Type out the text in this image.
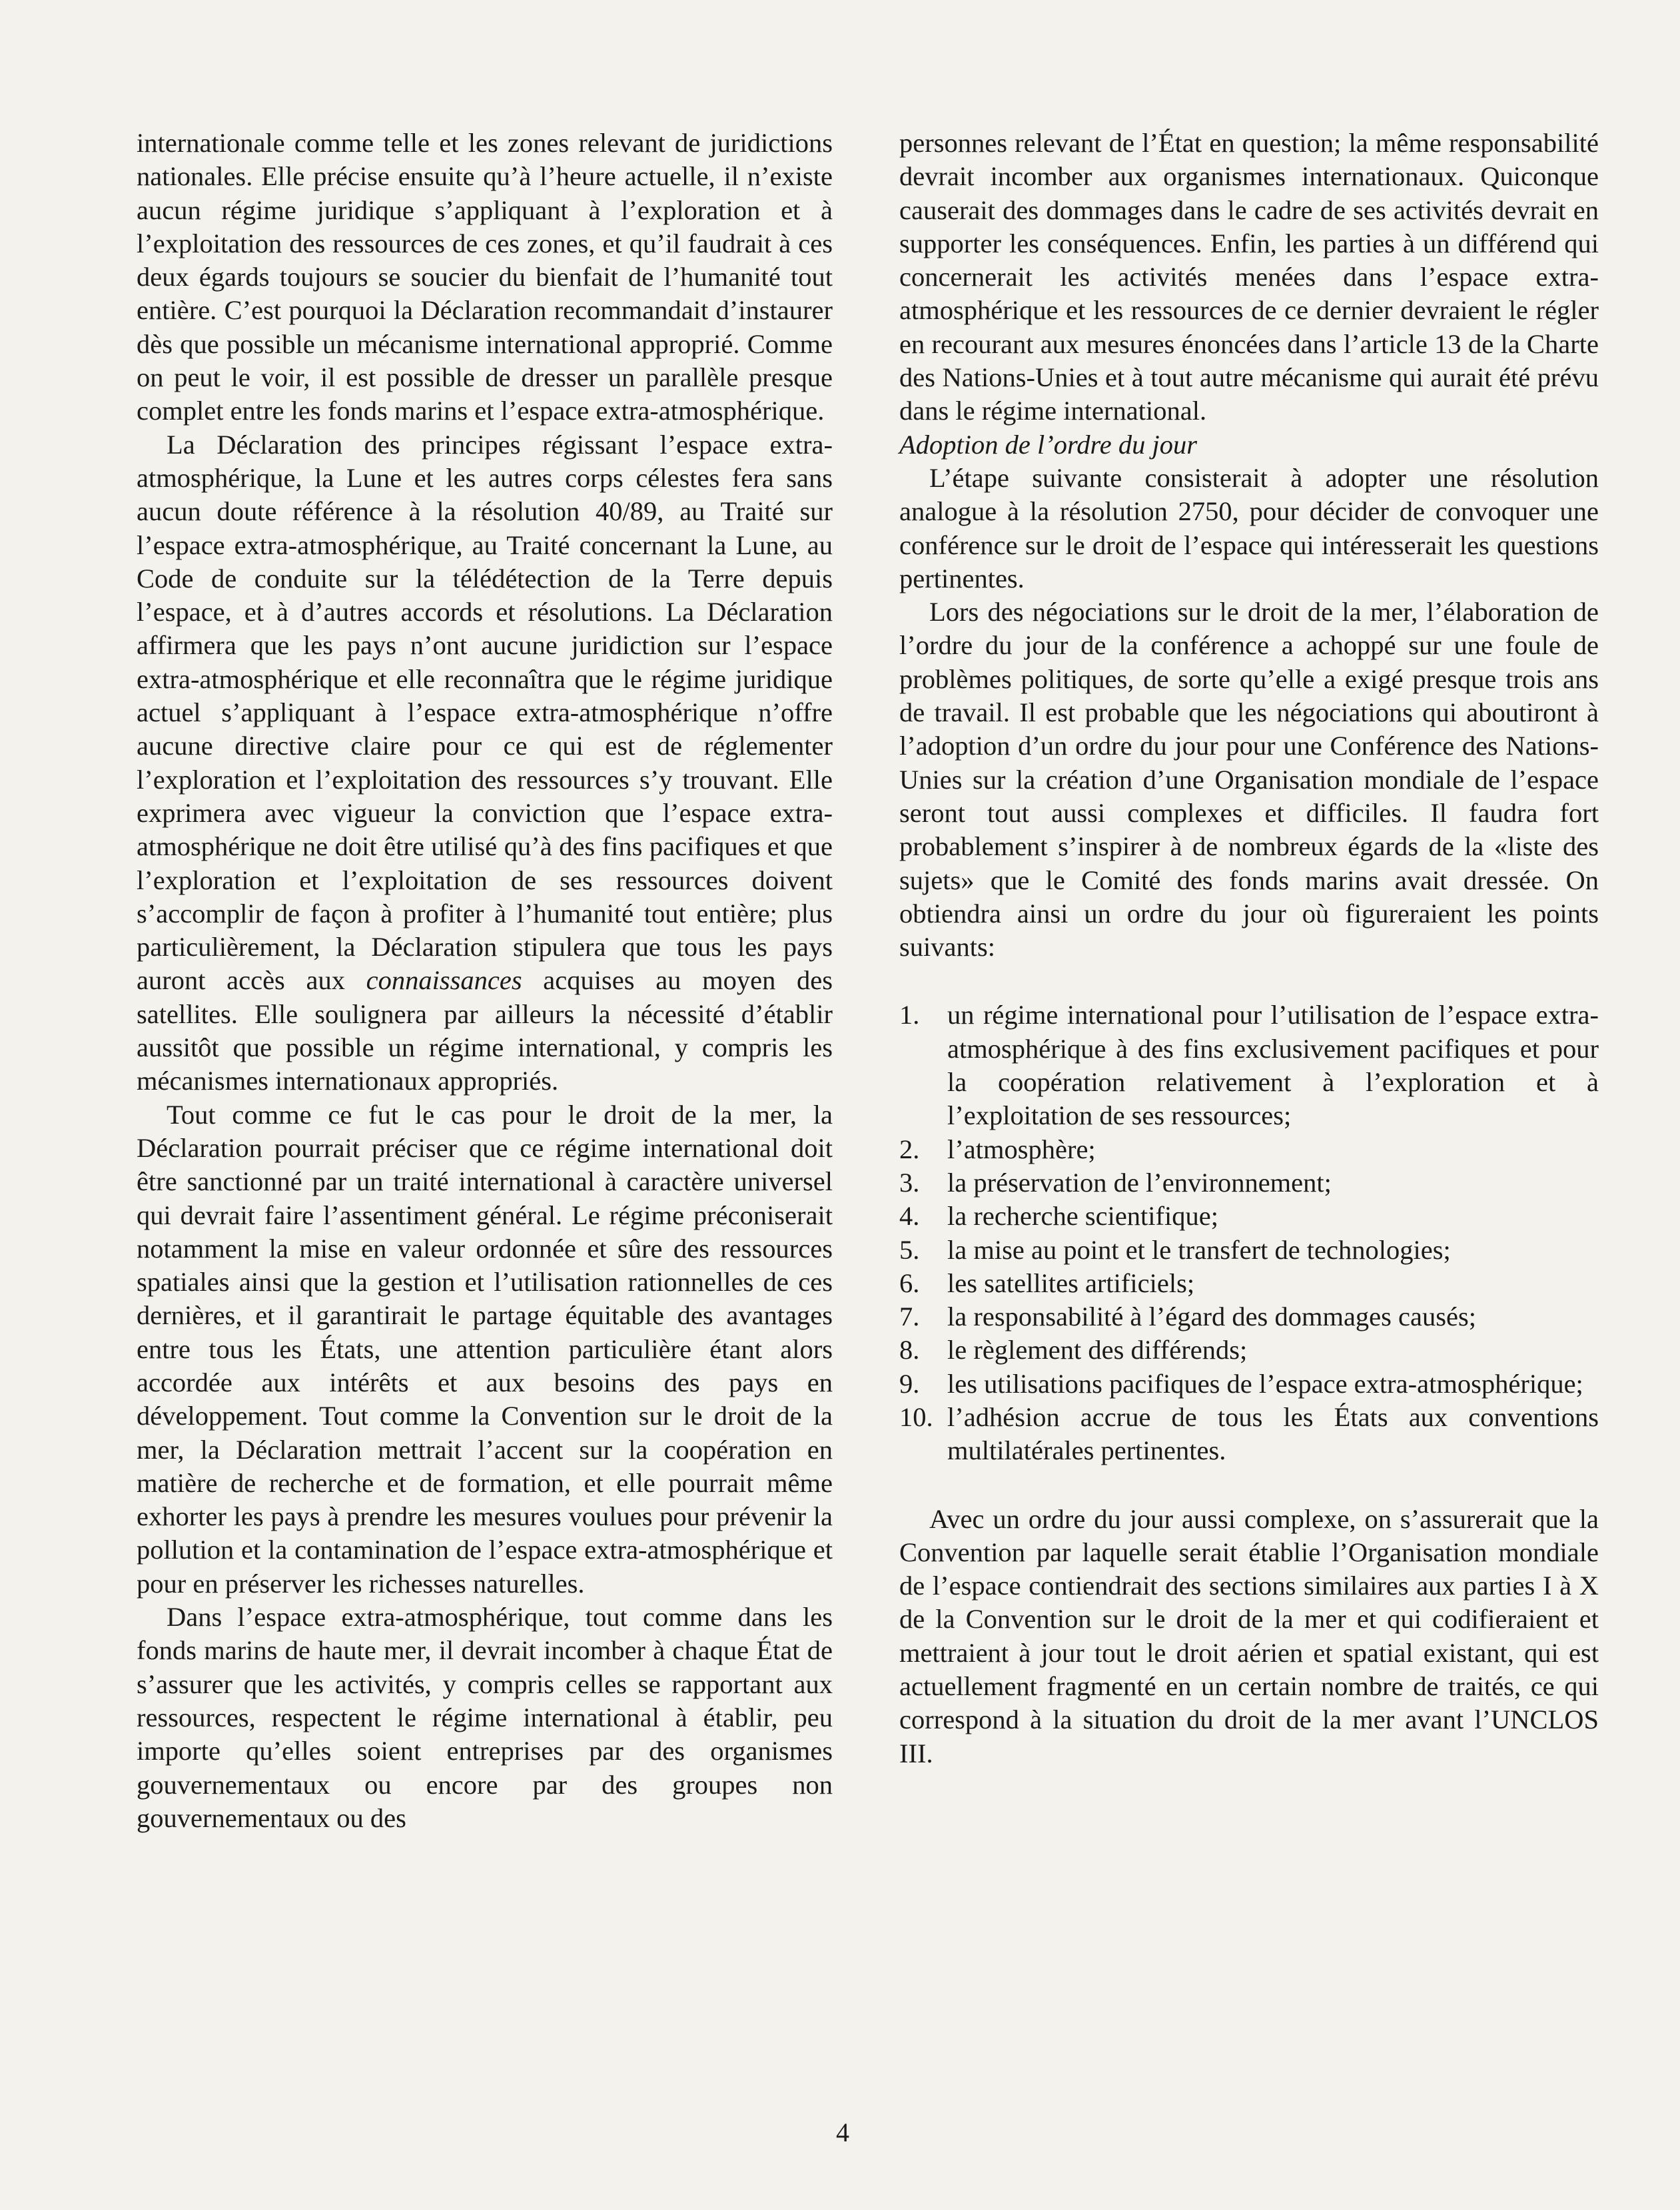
internationale comme telle et les zones relevant de juridictions nationales. Elle précise ensuite qu’à l’heure actuelle, il n’existe aucun régime juridique s’appliquant à l’exploration et à l’exploitation des ressources de ces zones, et qu’il faudrait à ces deux égards toujours se soucier du bienfait de l’humanité tout entière. C’est pourquoi la Déclaration recommandait d’instaurer dès que possible un mécanisme international approprié. Comme on peut le voir, il est possible de dresser un parallèle presque complet entre les fonds marins et l’espace extra-atmosphérique.

La Déclaration des principes régissant l’espace extra-atmosphérique, la Lune et les autres corps célestes fera sans aucun doute référence à la résolution 40/89, au Traité sur l’espace extra-atmosphérique, au Traité concernant la Lune, au Code de conduite sur la télédétection de la Terre depuis l’espace, et à d’autres accords et résolutions. La Déclaration affirmera que les pays n’ont aucune juridiction sur l’espace extra-atmosphérique et elle reconnaîtra que le régime juridique actuel s’appliquant à l’espace extra-atmosphérique n’offre aucune directive claire pour ce qui est de réglementer l’exploration et l’exploitation des ressources s’y trouvant. Elle exprimera avec vigueur la conviction que l’espace extra-atmosphérique ne doit être utilisé qu’à des fins pacifiques et que l’exploration et l’exploitation de ses ressources doivent s’accomplir de façon à profiter à l’humanité tout entière; plus particulièrement, la Déclaration stipulera que tous les pays auront accès aux connaissances acquises au moyen des satellites. Elle soulignera par ailleurs la nécessité d’établir aussitôt que possible un régime international, y compris les mécanismes internationaux appropriés.

Tout comme ce fut le cas pour le droit de la mer, la Déclaration pourrait préciser que ce régime international doit être sanctionné par un traité international à caractère universel qui devrait faire l’assentiment général. Le régime préconiserait notamment la mise en valeur ordonnée et sûre des ressources spatiales ainsi que la gestion et l’utilisation rationnelles de ces dernières, et il garantirait le partage équitable des avantages entre tous les États, une attention particulière étant alors accordée aux intérêts et aux besoins des pays en développement. Tout comme la Convention sur le droit de la mer, la Déclaration mettrait l’accent sur la coopération en matière de recherche et de formation, et elle pourrait même exhorter les pays à prendre les mesures voulues pour prévenir la pollution et la contamination de l’espace extra-atmosphérique et pour en préserver les richesses naturelles.

Dans l’espace extra-atmosphérique, tout comme dans les fonds marins de haute mer, il devrait incomber à chaque État de s’assurer que les activités, y compris celles se rapportant aux ressources, respectent le régime international à établir, peu importe qu’elles soient entreprises par des organismes gouvernementaux ou encore par des groupes non gouvernementaux ou des

personnes relevant de l’État en question; la même responsabilité devrait incomber aux organismes internationaux. Quiconque causerait des dommages dans le cadre de ses activités devrait en supporter les conséquences. Enfin, les parties à un différend qui concernerait les activités menées dans l’espace extra-atmosphérique et les ressources de ce dernier devraient le régler en recourant aux mesures énoncées dans l’article 13 de la Charte des Nations-Unies et à tout autre mécanisme qui aurait été prévu dans le régime international.

Adoption de l’ordre du jour

L’étape suivante consisterait à adopter une résolution analogue à la résolution 2750, pour décider de convoquer une conférence sur le droit de l’espace qui intéresserait les questions pertinentes.

Lors des négociations sur le droit de la mer, l’élaboration de l’ordre du jour de la conférence a achoppé sur une foule de problèmes politiques, de sorte qu’elle a exigé presque trois ans de travail. Il est probable que les négociations qui aboutiront à l’adoption d’un ordre du jour pour une Conférence des Nations-Unies sur la création d’une Organisation mondiale de l’espace seront tout aussi complexes et difficiles. Il faudra fort probablement s’inspirer à de nombreux égards de la «liste des sujets» que le Comité des fonds marins avait dressée. On obtiendra ainsi un ordre du jour où figureraient les points suivants:

1.	un régime international pour l’utilisation de l’espace extra-atmosphérique à des fins exclusivement pacifiques et pour la coopération relativement à l’exploration et à l’exploitation de ses ressources;
2.	l’atmosphère;
3.	la préservation de l’environnement;
4.	la recherche scientifique;
5.	la mise au point et le transfert de technologies;
6.	les satellites artificiels;
7.	la responsabilité à l’égard des dommages causés;
8.	le règlement des différends;
9.	les utilisations pacifiques de l’espace extra-atmosphérique;
10. l’adhésion accrue de tous les États aux conventions multilatérales pertinentes.

Avec un ordre du jour aussi complexe, on s’assurerait que la Convention par laquelle serait établie l’Organisation mondiale de l’espace contiendrait des sections similaires aux parties I à X de la Convention sur le droit de la mer et qui codifieraient et mettraient à jour tout le droit aérien et spatial existant, qui est actuellement fragmenté en un certain nombre de traités, ce qui correspond à la situation du droit de la mer avant l’UNCLOS III.

4
